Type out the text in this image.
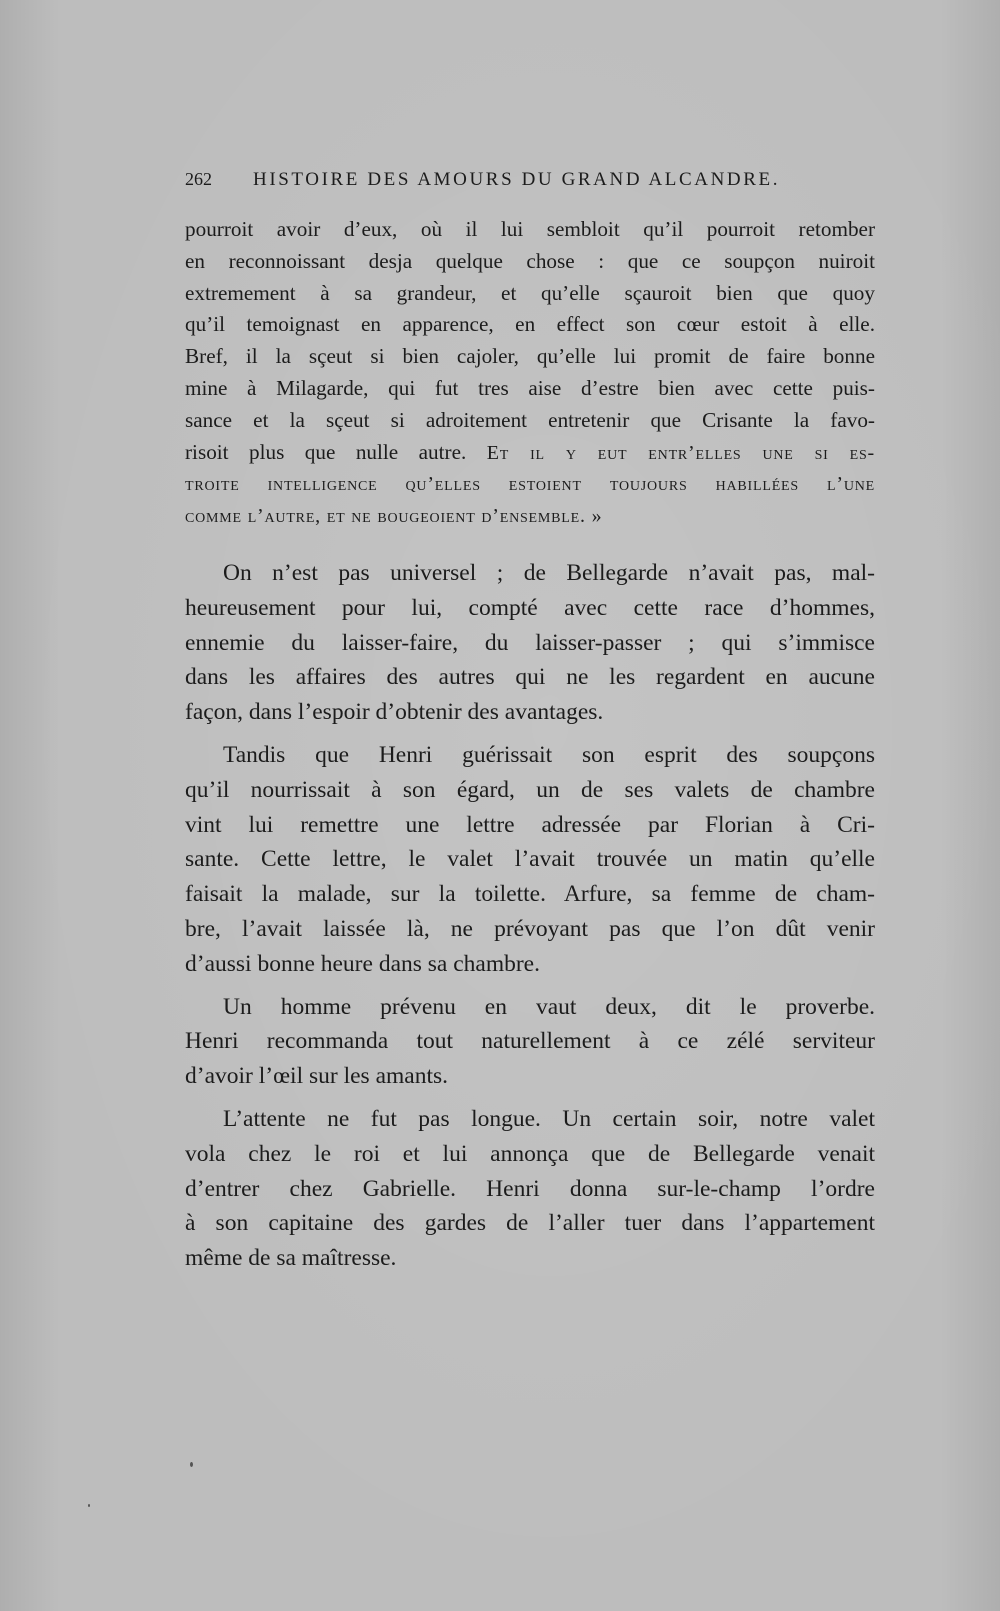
262 HISTOIRE DES AMOURS DU GRAND ALCANDRE.
pourroit avoir d’eux, où il lui sembloit qu’il pourroit retomber
en reconnoissant desja quelque chose : que ce soupçon nuiroit
extremement à sa grandeur, et qu’elle sçauroit bien que quoy
qu’il temoignast en apparence, en effect son cœur estoit à elle.
Bref, il la sçeut si bien cajoler, qu’elle lui promit de faire bonne
mine à Milagarde, qui fut tres aise d’estre bien avec cette puis-
sance et la sçeut si adroitement entretenir que Crisante la favo-
risoit plus que nulle autre. Et il y eut entr’elles une si es-
troite intelligence qu’elles estoient toujours habillées l’une
comme l’autre, et ne bougeoient d’ensemble. »
On n’est pas universel ; de Bellegarde n’avait pas, mal-
heureusement pour lui, compté avec cette race d’hommes,
ennemie du laisser-faire, du laisser-passer ; qui s’immisce
dans les affaires des autres qui ne les regardent en aucune
façon, dans l’espoir d’obtenir des avantages.
Tandis que Henri guérissait son esprit des soupçons
qu’il nourrissait à son égard, un de ses valets de chambre
vint lui remettre une lettre adressée par Florian à Cri-
sante. Cette lettre, le valet l’avait trouvée un matin qu’elle
faisait la malade, sur la toilette. Arfure, sa femme de cham-
bre, l’avait laissée là, ne prévoyant pas que l’on dût venir
d’aussi bonne heure dans sa chambre.
Un homme prévenu en vaut deux, dit le proverbe.
Henri recommanda tout naturellement à ce zélé serviteur
d’avoir l’œil sur les amants.
L’attente ne fut pas longue. Un certain soir, notre valet
vola chez le roi et lui annonça que de Bellegarde venait
d’entrer chez Gabrielle. Henri donna sur-le-champ l’ordre
à son capitaine des gardes de l’aller tuer dans l’appartement
même de sa maîtresse.
